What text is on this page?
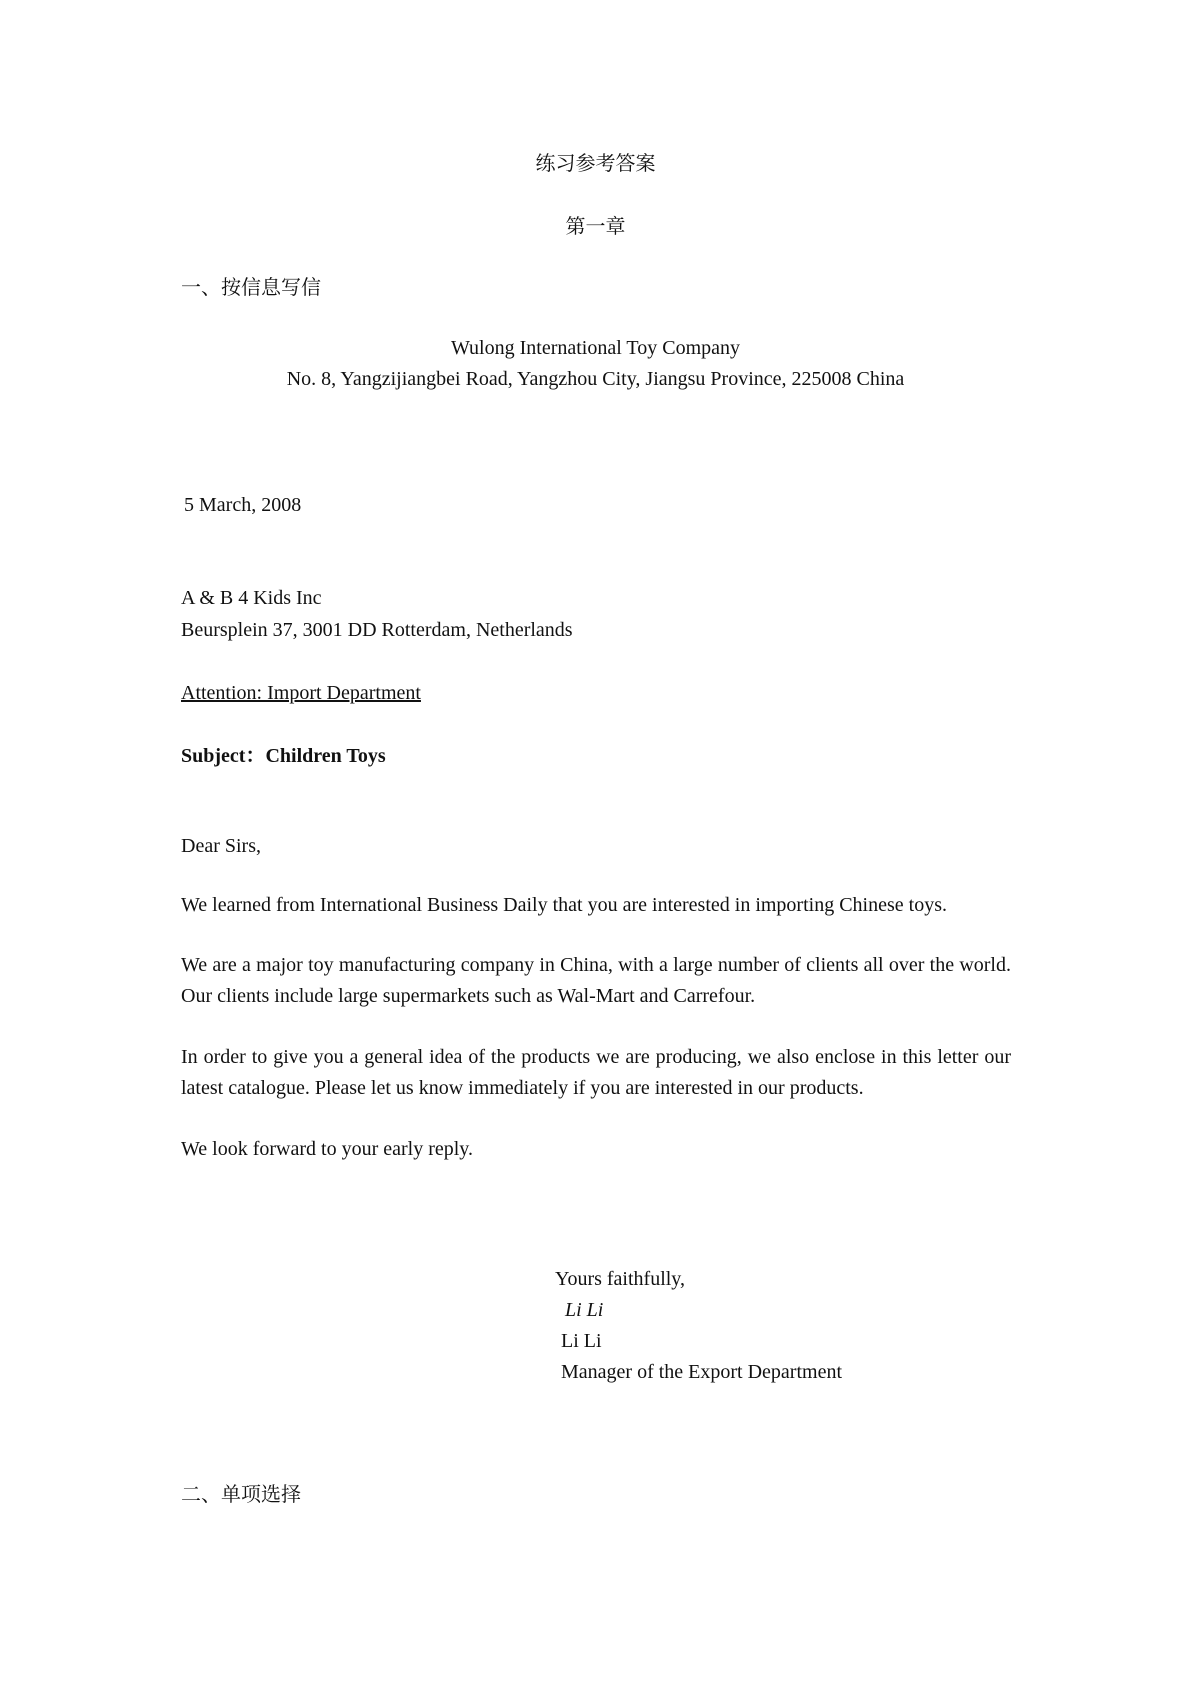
练习参考答案
第一章
一、按信息写信
Wulong International Toy Company
No. 8, Yangzijiangbei Road, Yangzhou City, Jiangsu Province, 225008 China
5 March, 2008
A & B 4 Kids Inc
Beursplein 37, 3001 DD Rotterdam, Netherlands
Attention: Import Department
Subject：Children Toys
Dear Sirs,
We learned from International Business Daily that you are interested in importing Chinese toys.
We are a major toy manufacturing company in China, with a large number of clients all over the world. Our clients include large supermarkets such as Wal-Mart and Carrefour.
In order to give you a general idea of the products we are producing, we also enclose in this letter our latest catalogue. Please let us know immediately if you are interested in our products.
We look forward to your early reply.
Yours faithfully,
Li Li
Li Li
Manager of the Export Department
二、单项选择
